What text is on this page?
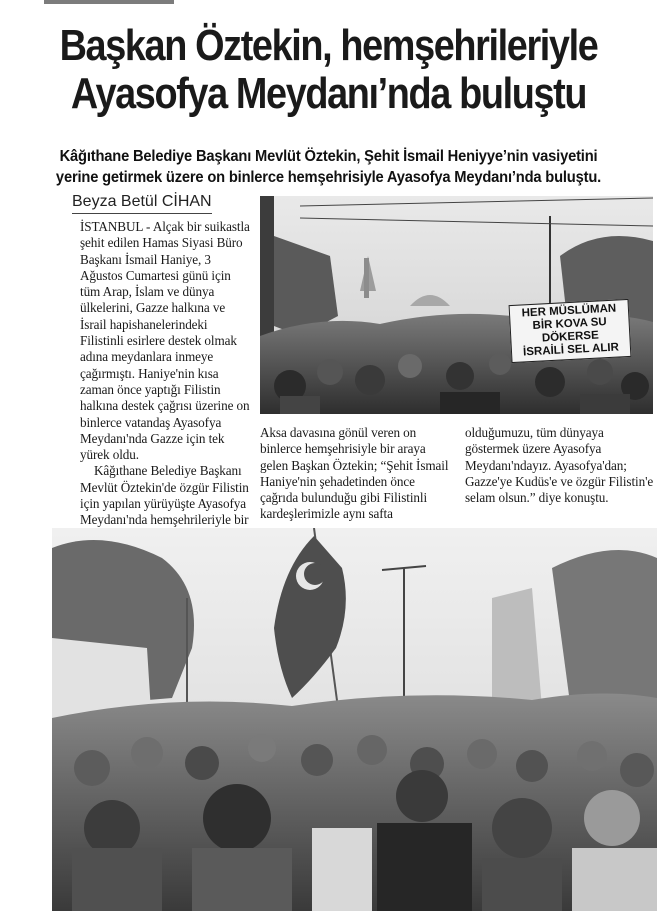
Başkan Öztekin, hemşehrileriyle
Ayasofya Meydanı’nda buluştu
Kâğıthane Belediye Başkanı Mevlüt Öztekin, Şehit İsmail Heniyye’nin vasiyetini
yerine getirmek üzere on binlerce hemşehrisiyle Ayasofya Meydanı’nda buluştu.
Beyza Betül CİHAN

İSTANBUL - Alçak bir suikastla şehit edilen Hamas Siyasi Büro Başkanı İsmail Haniye, 3 Ağustos Cumartesi günü için tüm Arap, İslam ve dünya ülkelerini, Gazze halkına ve İsrail hapishanelerindeki Filistinli esirlere destek olmak adına meydanlara inmeye çağırmıştı. Haniye'nin kısa zaman önce yaptığı Filistin halkına destek çağrısı üzerine on binlerce vatandaş Ayasofya Meydanı'nda Gazze için tek yürek oldu.

Kâğıthane Belediye Başkanı Mevlüt Öztekin'de özgür Filistin için yapılan yürüyüşte Ayasofya Meydanı'nda hemşehrileriyle bir

HER MÜSLÜMAN
BİR KOVA SU DÖKERSE
İSRAİLİ SEL ALIR

Aksa davasına gönül veren on binlerce hemşehrisiyle bir araya gelen Başkan Öztekin; “Şehit İsmail Haniye'nin şehadetinden önce çağrıda bulunduğu gibi Filistinli kardeşlerimizle aynı safta

olduğumuzu, tüm dünyaya göstermek üzere Ayasofya Meydanı'ndayız. Ayasofya'dan; Gazze'ye Kudüs'e ve özgür Filistin'e selam olsun.” diye konuştu.
